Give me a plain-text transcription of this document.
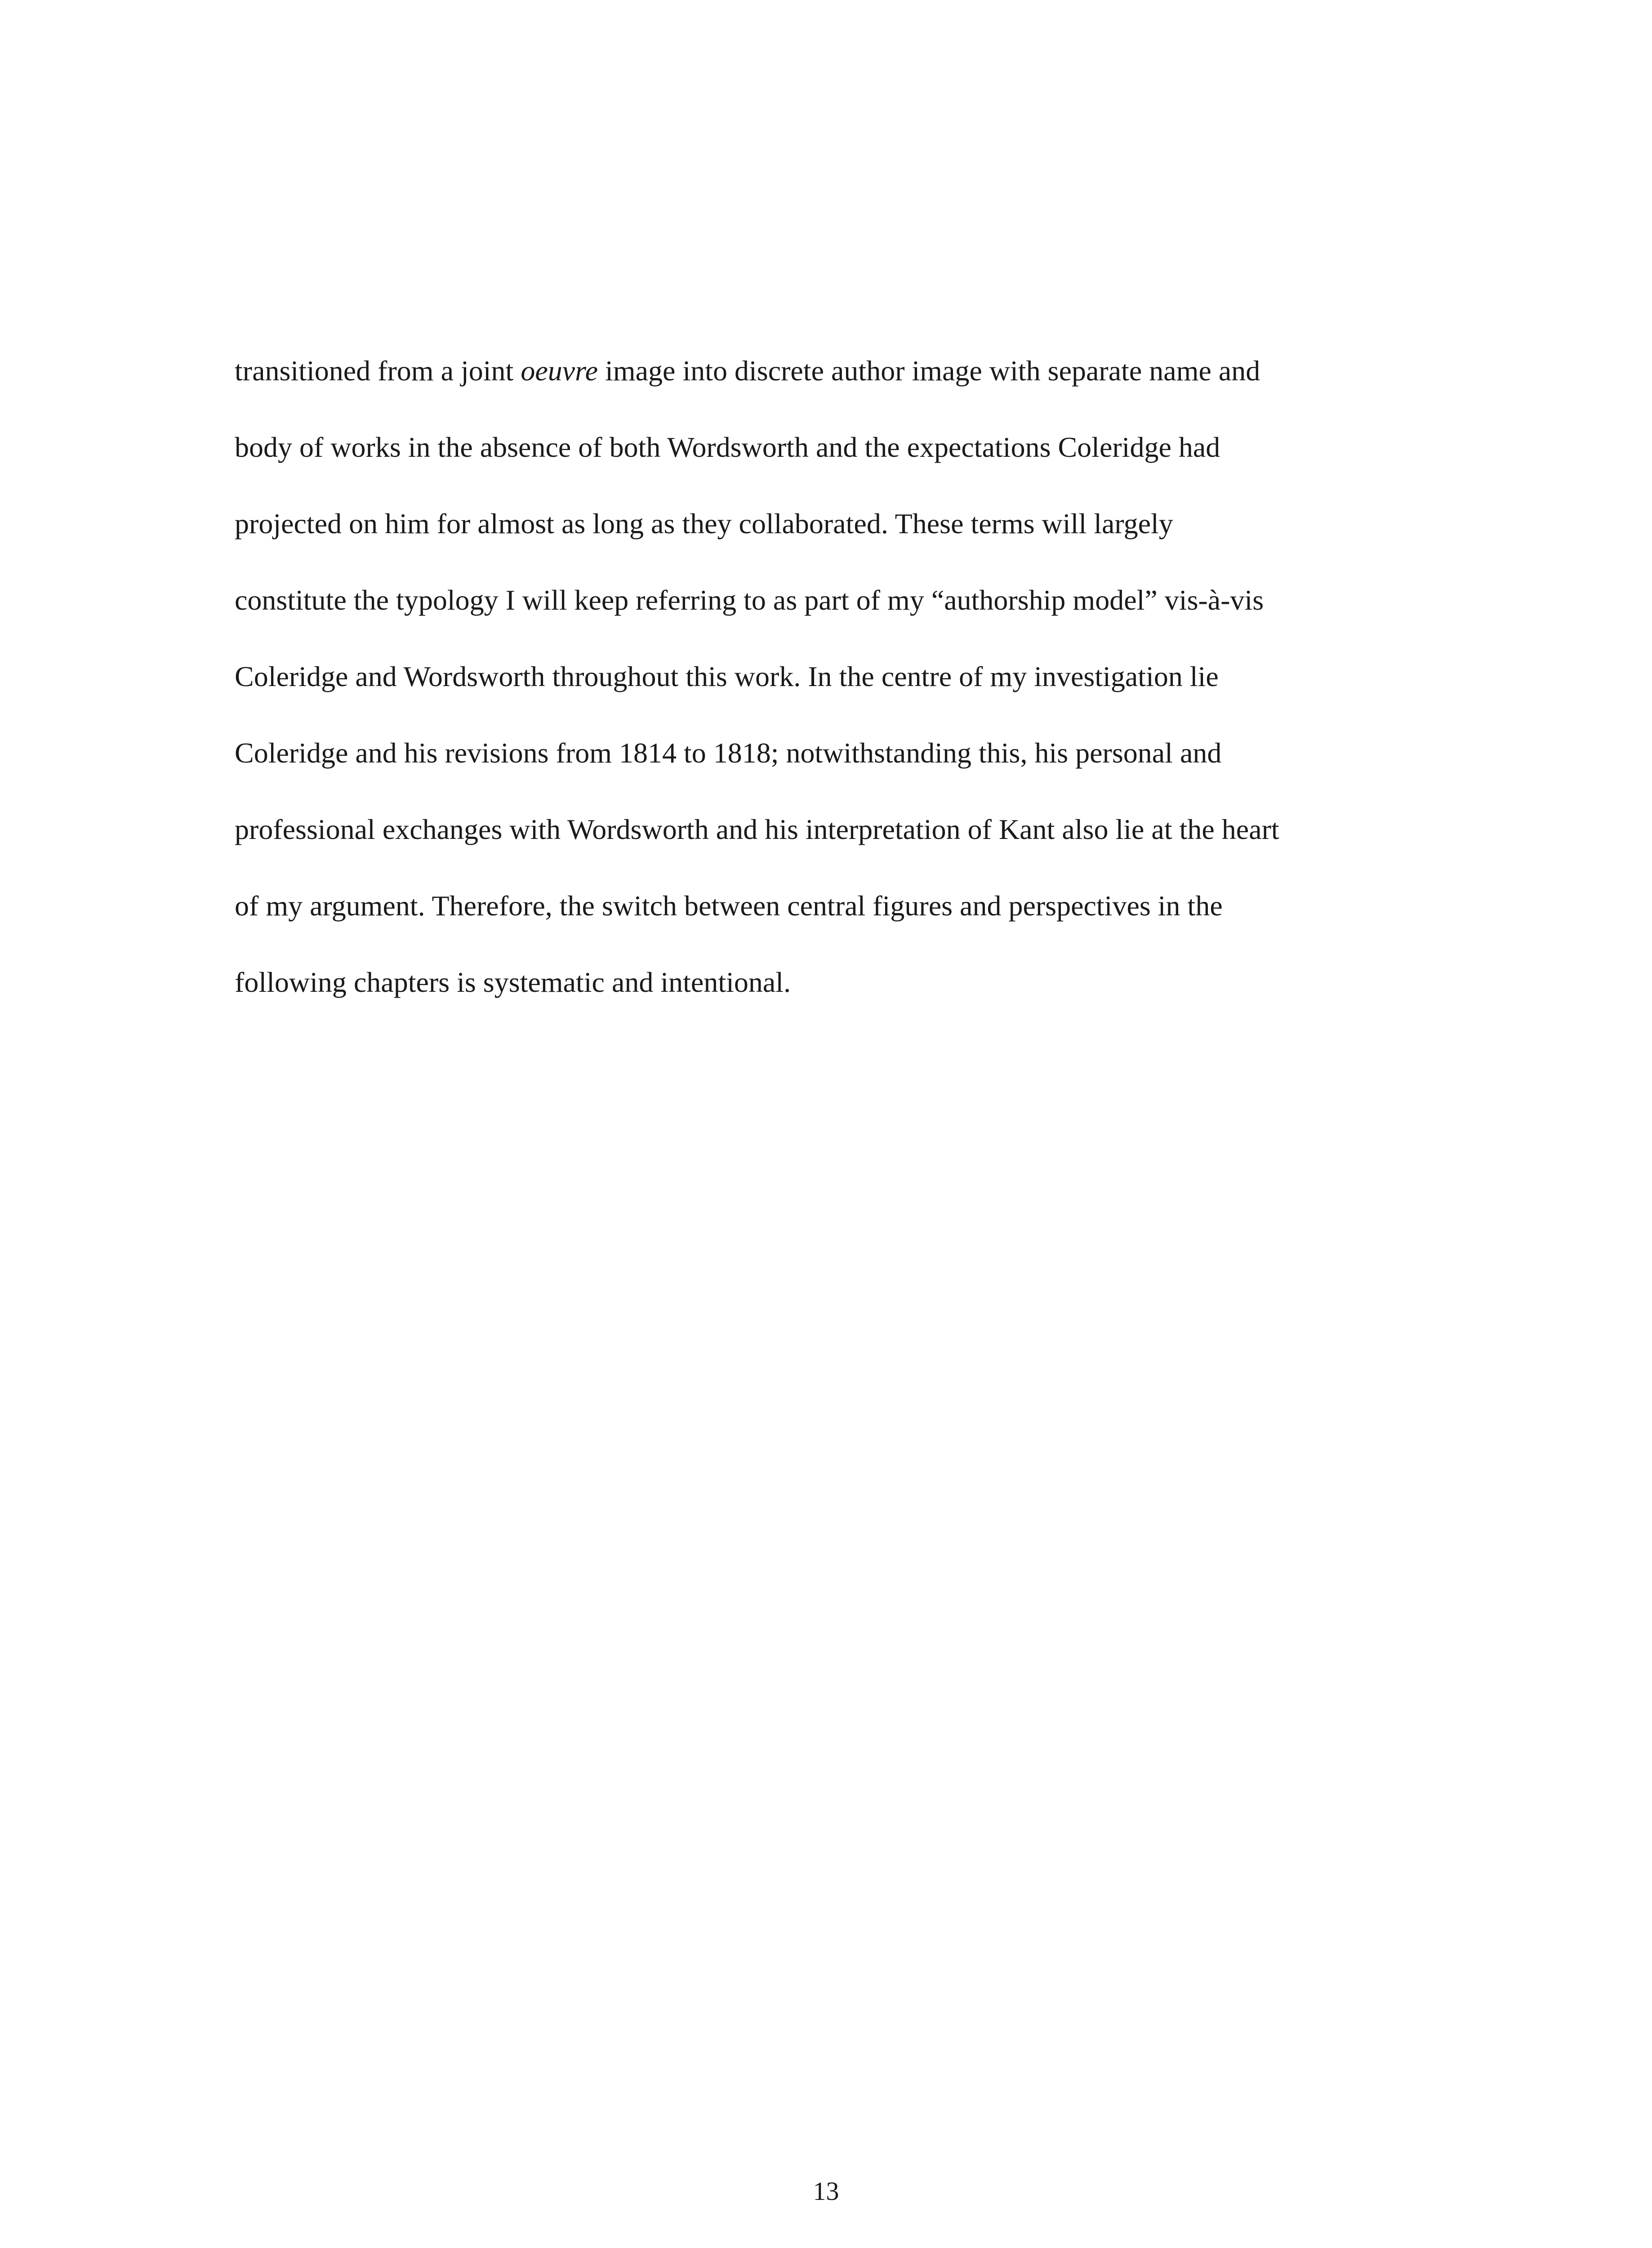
transitioned from a joint oeuvre image into discrete author image with separate name and
body of works in the absence of both Wordsworth and the expectations Coleridge had
projected on him for almost as long as they collaborated. These terms will largely
constitute the typology I will keep referring to as part of my “authorship model” vis-à-vis
Coleridge and Wordsworth throughout this work. In the centre of my investigation lie
Coleridge and his revisions from 1814 to 1818; notwithstanding this, his personal and
professional exchanges with Wordsworth and his interpretation of Kant also lie at the heart
of my argument. Therefore, the switch between central figures and perspectives in the
following chapters is systematic and intentional.

13
